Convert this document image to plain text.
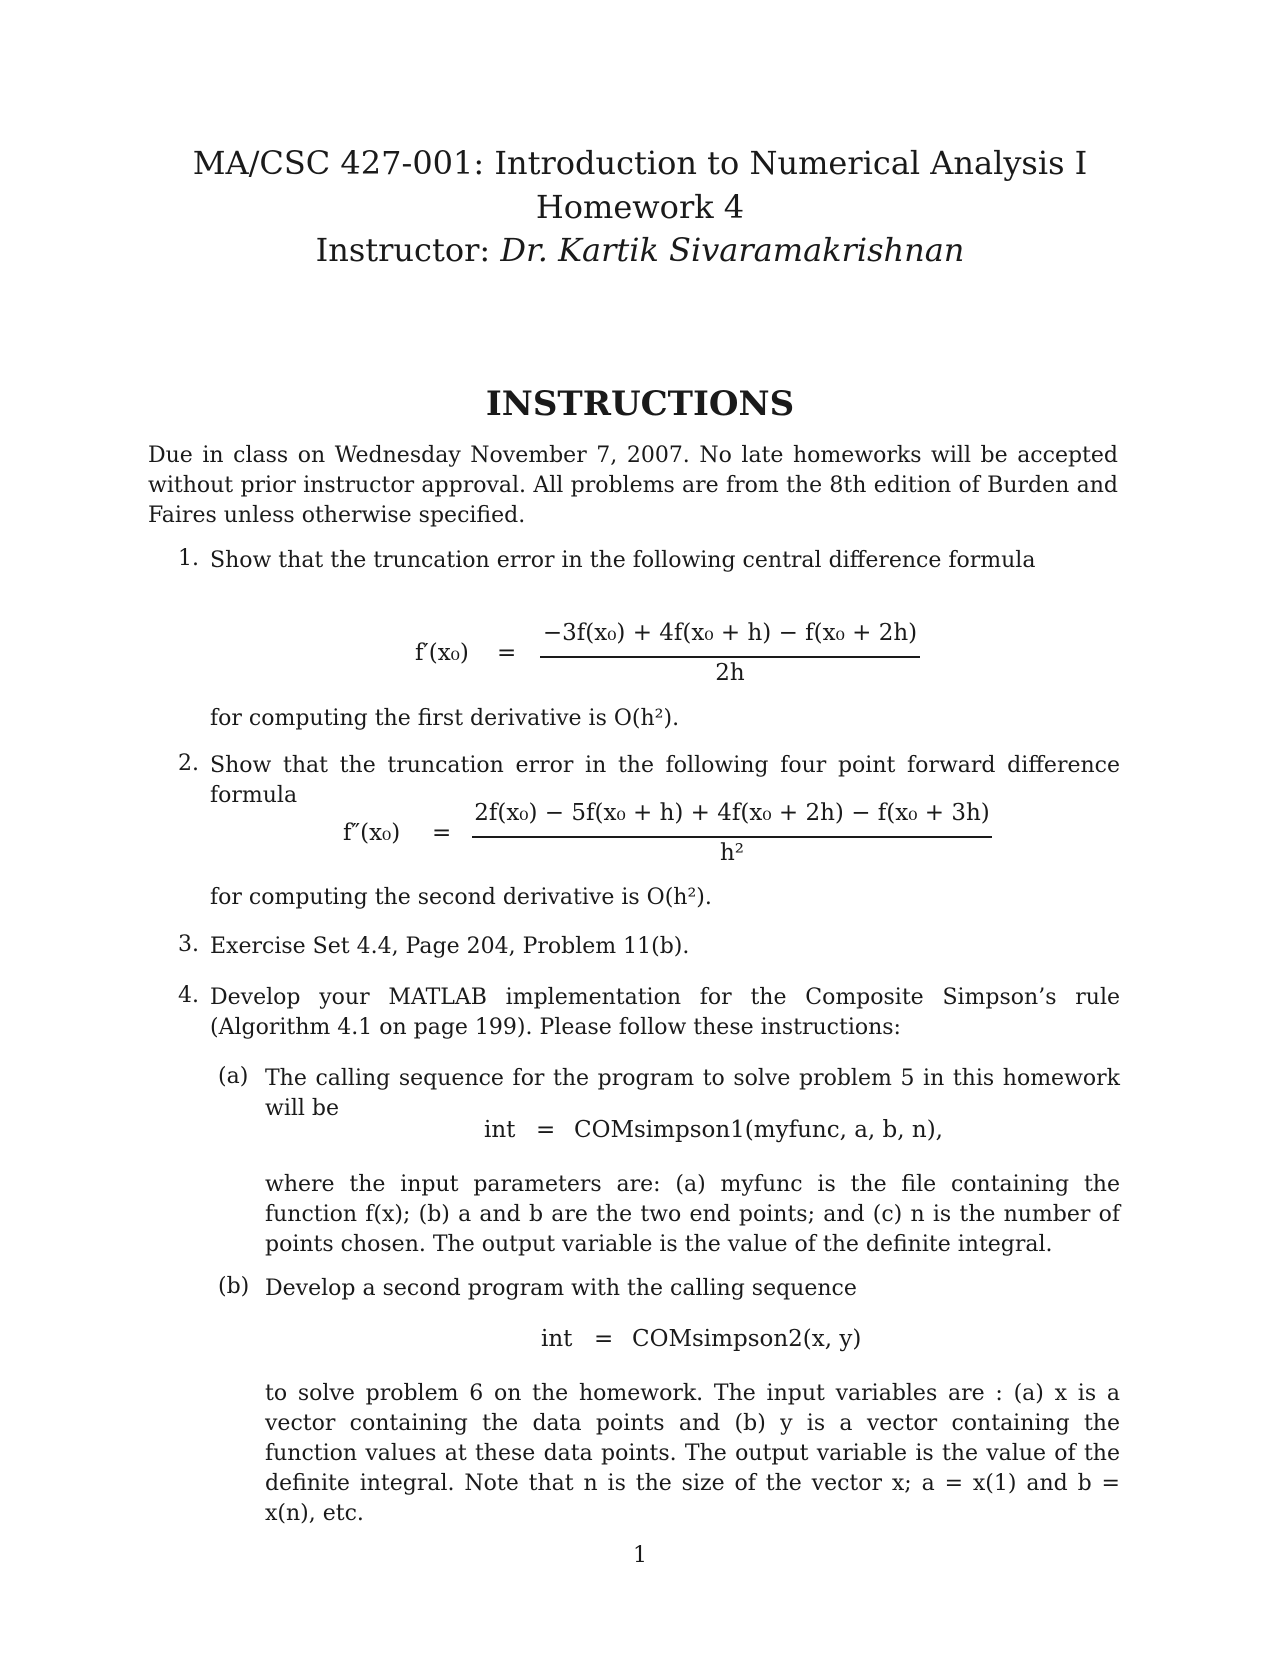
MA/CSC 427-001: Introduction to Numerical Analysis I
Homework 4
Instructor: Dr. Kartik Sivaramakrishnan
INSTRUCTIONS
Due in class on Wednesday November 7, 2007. No late homeworks will be accepted without prior instructor approval. All problems are from the 8th edition of Burden and Faires unless otherwise specified.
1. Show that the truncation error in the following central difference formula
f′(x₀) =
−3f(x₀) + 4f(x₀ + h) − f(x₀ + 2h)
2h
for computing the first derivative is O(h²).
2. Show that the truncation error in the following four point forward difference formula
f″(x₀) =
2f(x₀) − 5f(x₀ + h) + 4f(x₀ + 2h) − f(x₀ + 3h)
h²
for computing the second derivative is O(h²).
3. Exercise Set 4.4, Page 204, Problem 11(b).
4. Develop your MATLAB implementation for the Composite Simpson’s rule (Algorithm 4.1 on page 199). Please follow these instructions:
(a) The calling sequence for the program to solve problem 5 in this homework will be
int = COMsimpson1(myfunc, a, b, n),
where the input parameters are: (a) myfunc is the file containing the function f(x); (b) a and b are the two end points; and (c) n is the number of points chosen. The output variable is the value of the definite integral.
(b) Develop a second program with the calling sequence
int = COMsimpson2(x, y)
to solve problem 6 on the homework. The input variables are : (a) x is a vector containing the data points and (b) y is a vector containing the function values at these data points. The output variable is the value of the definite integral. Note that n is the size of the vector x; a = x(1) and b = x(n), etc.
1
